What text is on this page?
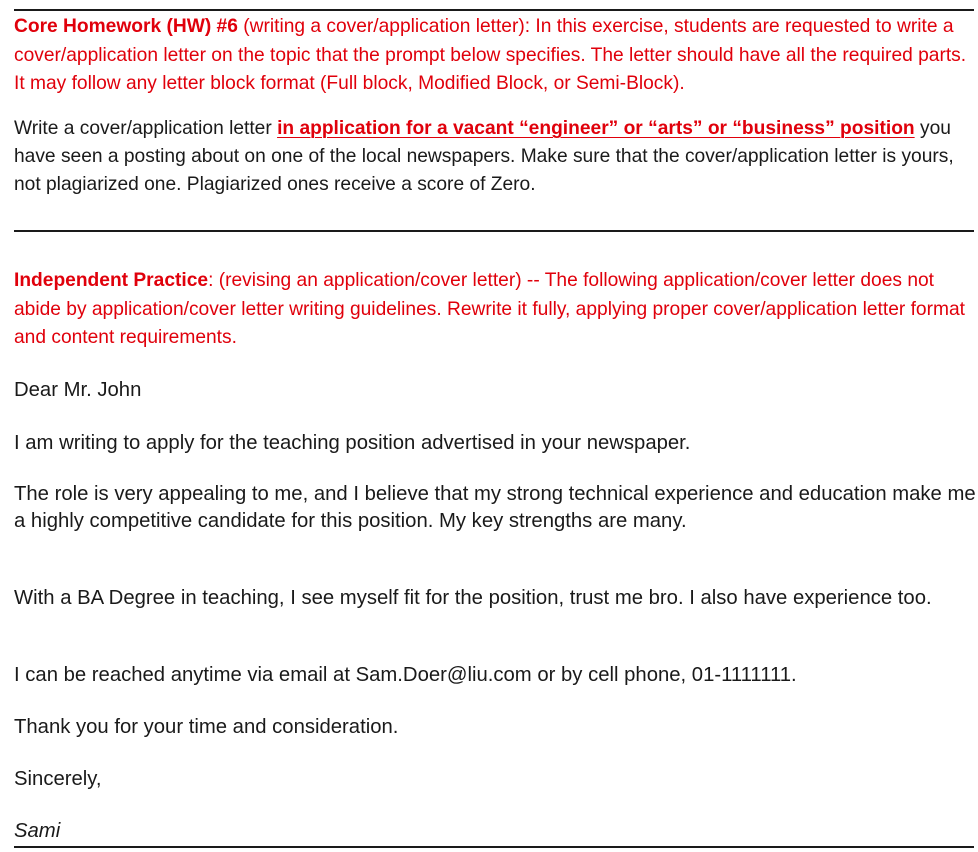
Core Homework (HW) #6 (writing a cover/application letter): In this exercise, students are requested to write a cover/application letter on the topic that the prompt below specifies. The letter should have all the required parts. It may follow any letter block format (Full block, Modified Block, or Semi-Block).

Write a cover/application letter in application for a vacant “engineer” or “arts” or “business” position you have seen a posting about on one of the local newspapers. Make sure that the cover/application letter is yours, not plagiarized one. Plagiarized ones receive a score of Zero.

Independent Practice: (revising an application/cover letter) -- The following application/cover letter does not abide by application/cover letter writing guidelines. Rewrite it fully, applying proper cover/application letter format and content requirements.

Dear Mr. John

I am writing to apply for the teaching position advertised in your newspaper.

The role is very appealing to me, and I believe that my strong technical experience and education make me a highly competitive candidate for this position. My key strengths are many.

With a BA Degree in teaching, I see myself fit for the position, trust me bro. I also have experience too.

I can be reached anytime via email at Sam.Doer@liu.com or by cell phone, 01-1111111.

Thank you for your time and consideration.

Sincerely,

Sami
